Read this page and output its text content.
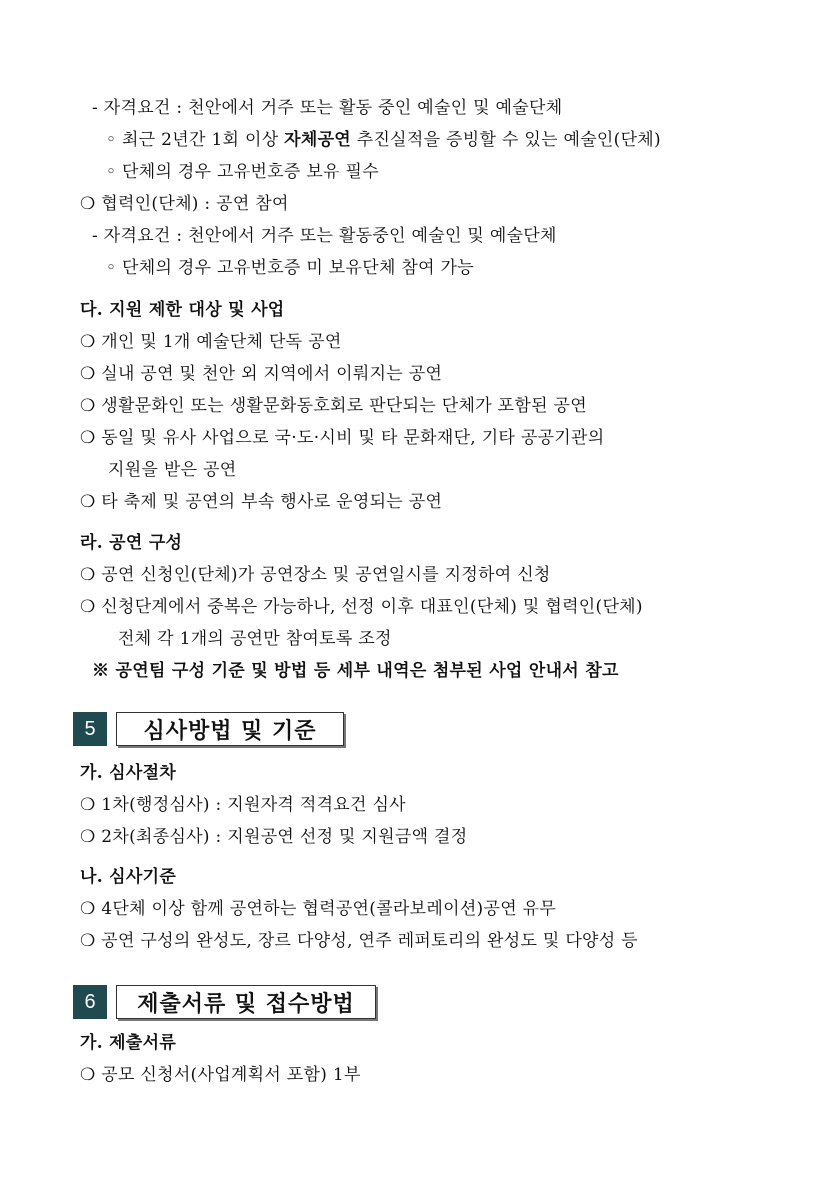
- 자격요건 : 천안에서 거주 또는 활동 중인 예술인 및 예술단체
◦ 최근 2년간 1회 이상 자체공연 추진실적을 증빙할 수 있는 예술인(단체)
◦ 단체의 경우 고유번호증 보유 필수
❍ 협력인(단체) : 공연 참여
- 자격요건 : 천안에서 거주 또는 활동중인 예술인 및 예술단체
◦ 단체의 경우 고유번호증 미 보유단체 참여 가능
다. 지원 제한 대상 및 사업
❍ 개인 및 1개 예술단체 단독 공연
❍ 실내 공연 및 천안 외 지역에서 이뤄지는 공연
❍ 생활문화인 또는 생활문화동호회로 판단되는 단체가 포함된 공연
❍ 동일 및 유사 사업으로 국·도·시비 및 타 문화재단, 기타 공공기관의
지원을 받은 공연
❍ 타 축제 및 공연의 부속 행사로 운영되는 공연
라. 공연 구성
❍ 공연 신청인(단체)가 공연장소 및 공연일시를 지정하여 신청
❍ 신청단계에서 중복은 가능하나, 선정 이후 대표인(단체) 및 협력인(단체)
전체 각 1개의 공연만 참여토록 조정
※ 공연팀 구성 기준 및 방법 등 세부 내역은 첨부된 사업 안내서 참고
5	심사방법 및 기준
가. 심사절차
❍ 1차(행정심사) : 지원자격 적격요건 심사
❍ 2차(최종심사) : 지원공연 선정 및 지원금액 결정
나. 심사기준
❍ 4단체 이상 함께 공연하는 협력공연(콜라보레이션)공연 유무
❍ 공연 구성의 완성도, 장르 다양성, 연주 레퍼토리의 완성도 및 다양성 등
6	제출서류 및 접수방법
가. 제출서류
❍ 공모 신청서(사업계획서 포함) 1부
